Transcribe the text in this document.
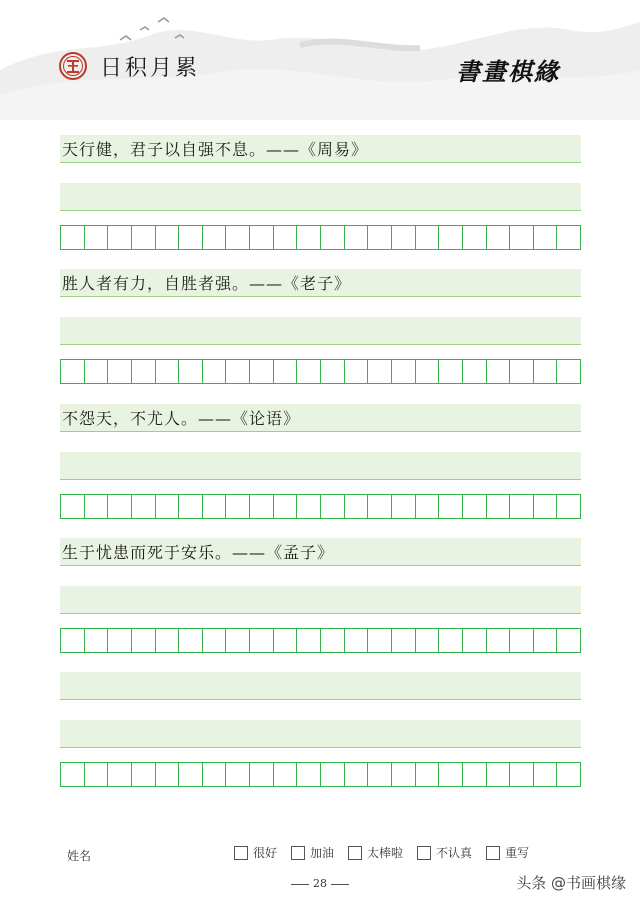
日积月累	書畫棋緣
天行健，君子以自强不息。——《周易》
胜人者有力，自胜者强。——《老子》
不怨天，不尤人。——《论语》
生于忧患而死于安乐。——《孟子》
姓名	很好	加油	太棒啦	不认真	重写
28	头条 @书画棋缘
